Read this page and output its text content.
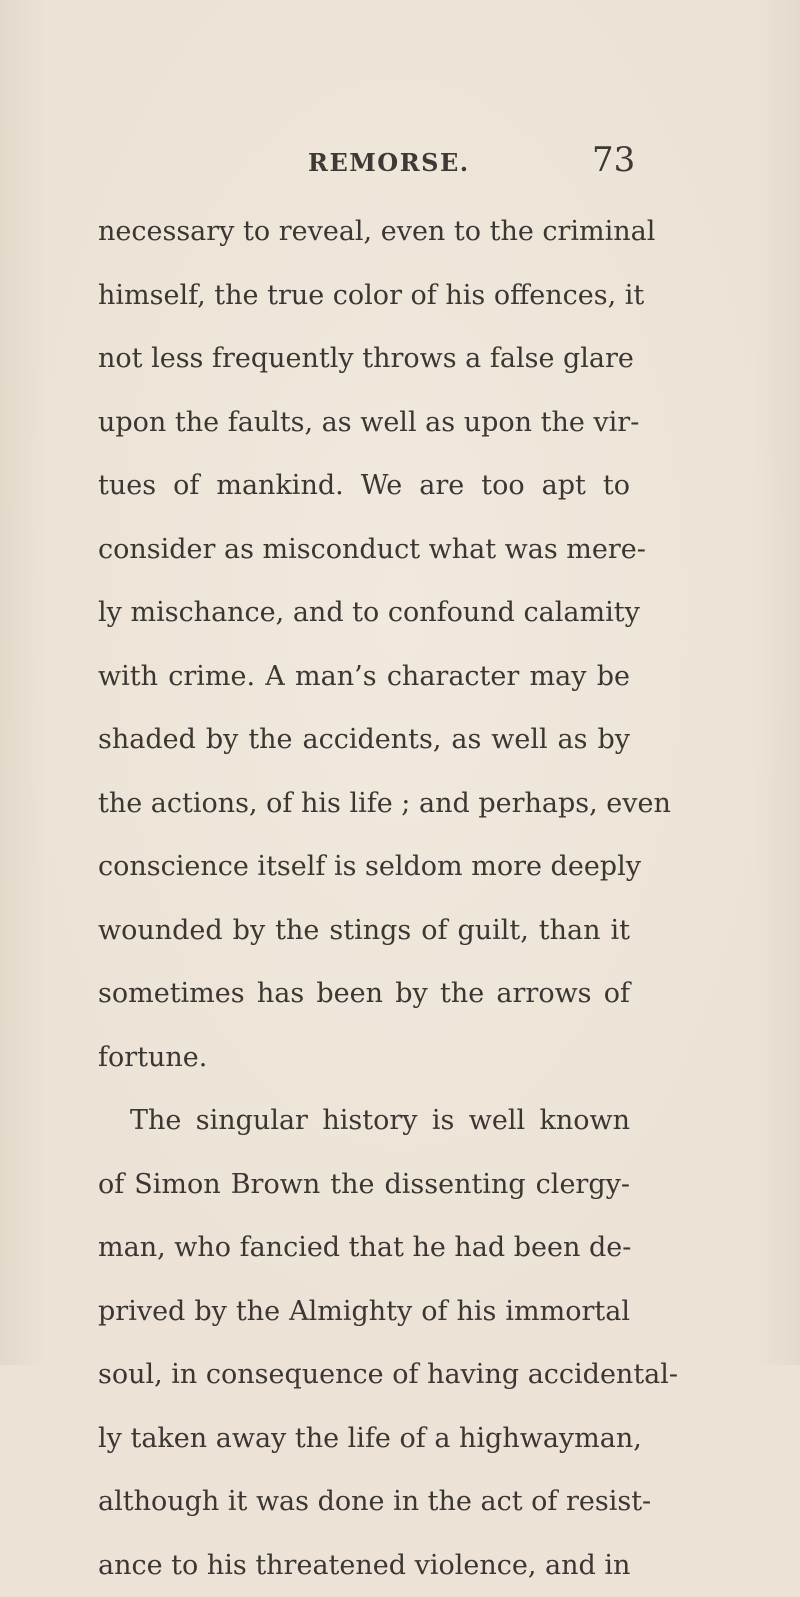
REMORSE.	73
necessary to reveal, even to the criminal
himself, the true color of his offences, it
not less frequently throws a false glare
upon the faults, as well as upon the vir-
tues of mankind. We are too apt to
consider as misconduct what was mere-
ly mischance, and to confound calamity
with crime. A man’s character may be
shaded by the accidents, as well as by
the actions, of his life ; and perhaps, even
conscience itself is seldom more deeply
wounded by the stings of guilt, than it
sometimes has been by the arrows of
fortune.
The singular history is well known
of Simon Brown the dissenting clergy-
man, who fancied that he had been de-
prived by the Almighty of his immortal
soul, in consequence of having accidental-
ly taken away the life of a highwayman,
although it was done in the act of resist-
ance to his threatened violence, and in
